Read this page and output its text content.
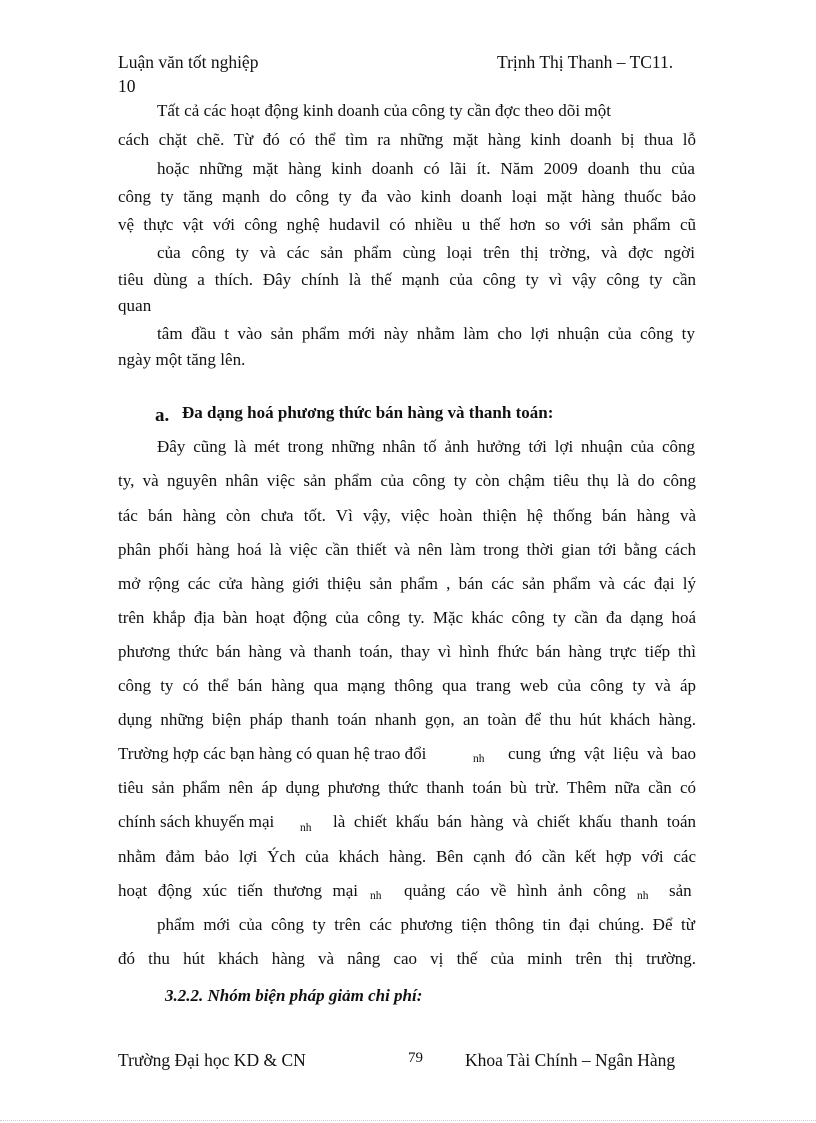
Luận văn tốt nghiệp	Trịnh Thị Thanh – TC11.
10
Tất cả các hoạt động kinh doanh của công ty cần đợc theo dõi một
cách chặt chẽ. Từ đó có thể tìm ra những mặt hàng kinh doanh bị thua lỗ
hoặc những mặt hàng kinh doanh có lãi ít. Năm 2009 doanh thu của
công ty tăng mạnh do công ty đa vào kinh doanh loại mặt hàng thuốc bảo
vệ thực vật với công nghệ hudavil có nhiều u thế hơn so với sản phẩm cũ
của công ty và các sản phẩm cùng loại trên thị trờng, và đợc ngời
tiêu dùng a thích. Đây chính là thế mạnh của công ty vì vậy công ty cần
quan
tâm đầu t vào sản phẩm mới này nhằm làm cho lợi nhuận của công ty
ngày một tăng lên.
a. Đa dạng hoá phương thức bán hàng và thanh toán:
Đây cũng là mét trong những nhân tố ảnh hưởng tới lợi nhuận của công
ty, và nguyên nhân việc sản phẩm của công ty còn chậm tiêu thụ là do công
tác bán hàng còn chưa tốt. Vì vậy, việc hoàn thiện hệ thống bán hàng và
phân phối hàng hoá là việc cần thiết và nên làm trong thời gian tới bằng cách
mở rộng các cửa hàng giới thiệu sản phẩm , bán các sản phẩm và các đại lý
trên khắp địa bàn hoạt động của công ty. Mặc khác công ty cần đa dạng hoá
phương thức bán hàng và thanh toán, thay vì hình fhức bán hàng trực tiếp thì
công ty có thể bán hàng qua mạng thông qua trang web của công ty và áp
dụng những biện pháp thanh toán nhanh gọn, an toàn để thu hút khách hàng.
Trường hợp các bạn hàng có quan hệ trao đổi	nh cung ứng vật liệu và bao
tiêu sản phẩm nên áp dụng phương thức thanh toán bù trừ. Thêm nữa cần có
chính sách khuyến mại nh là chiết khấu bán hàng và chiết khấu thanh toán
nhằm đảm bảo lợi Ých của khách hàng. Bên cạnh đó cần kết hợp với các
hoạt động xúc tiến thương mại nh quảng cáo về hình ảnh công nh sản
phẩm mới của công ty trên các phương tiện thông tin đại chúng. Để từ
đó thu hút khách hàng và nâng cao vị thế của minh trên thị trường.
3.2.2. Nhóm biện pháp giảm chi phí:
Trường Đại học KD & CN	79 Khoa Tài Chính – Ngân Hàng
